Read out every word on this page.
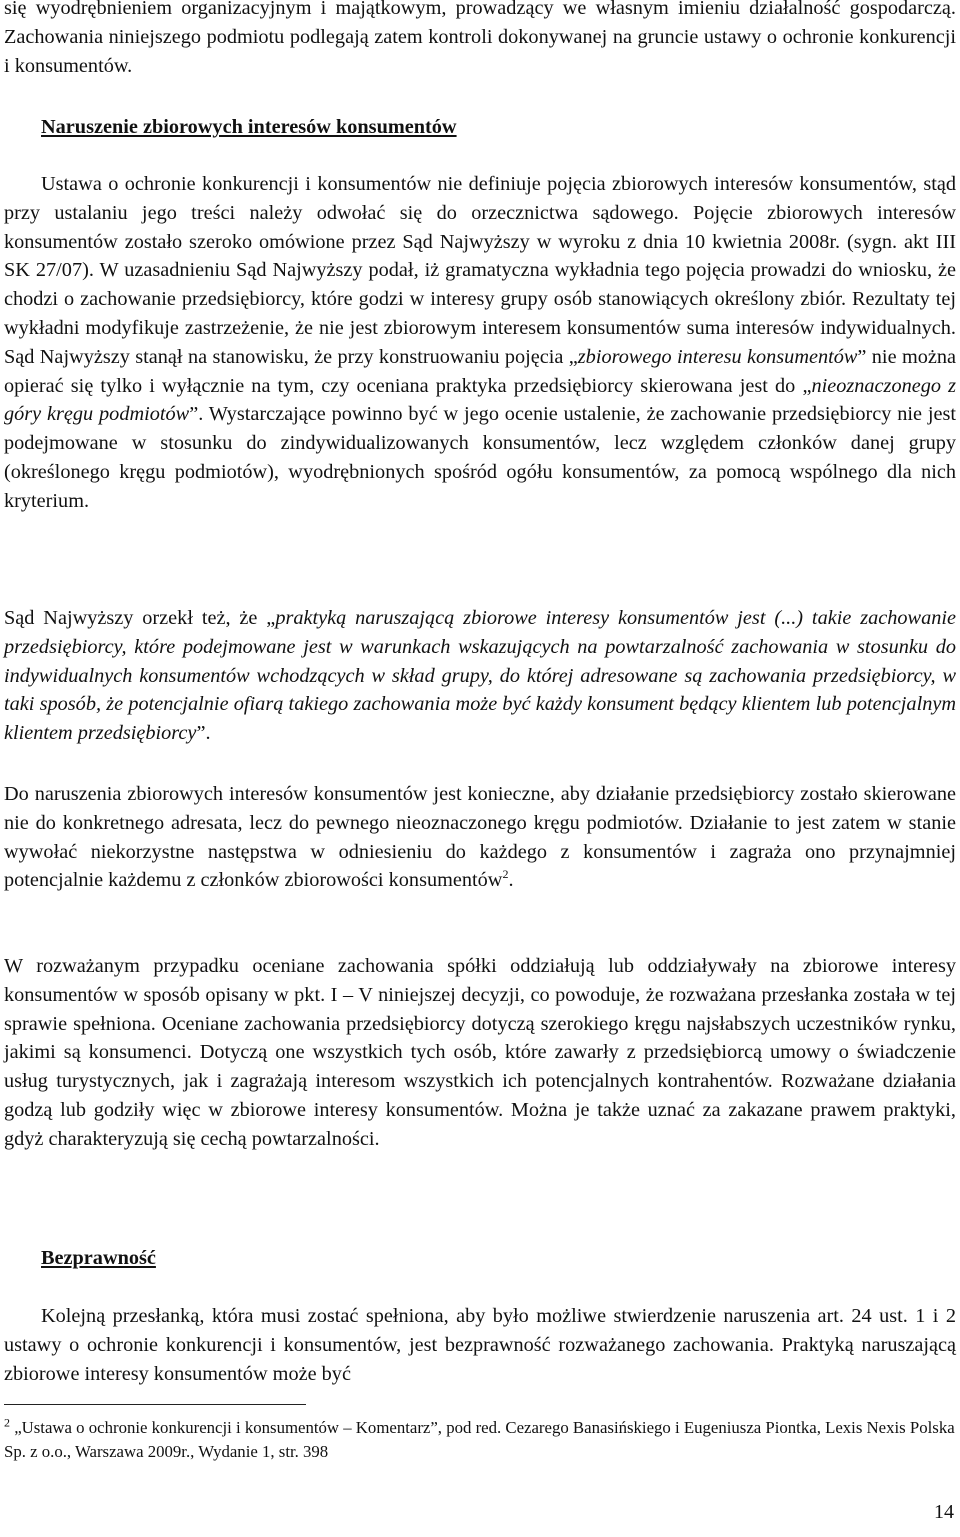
się wyodrębnieniem organizacyjnym i majątkowym, prowadzący we własnym imieniu działalność gospodarczą. Zachowania niniejszego podmiotu podlegają zatem kontroli dokonywanej na gruncie ustawy o ochronie konkurencji i konsumentów.

Naruszenie zbiorowych interesów konsumentów

Ustawa o ochronie konkurencji i konsumentów nie definiuje pojęcia zbiorowych interesów konsumentów, stąd przy ustalaniu jego treści należy odwołać się do orzecznictwa sądowego. Pojęcie zbiorowych interesów konsumentów zostało szeroko omówione przez Sąd Najwyższy w wyroku z dnia 10 kwietnia 2008r. (sygn. akt III SK 27/07). W uzasadnieniu Sąd Najwyższy podał, iż gramatyczna wykładnia tego pojęcia prowadzi do wniosku, że chodzi o zachowanie przedsiębiorcy, które godzi w interesy grupy osób stanowiących określony zbiór. Rezultaty tej wykładni modyfikuje zastrzeżenie, że nie jest zbiorowym interesem konsumentów suma interesów indywidualnych. Sąd Najwyższy stanął na stanowisku, że przy konstruowaniu pojęcia „zbiorowego interesu konsumentów” nie można opierać się tylko i wyłącznie na tym, czy oceniana praktyka przedsiębiorcy skierowana jest do „nieoznaczonego z góry kręgu podmiotów”. Wystarczające powinno być w jego ocenie ustalenie, że zachowanie przedsiębiorcy nie jest podejmowane w stosunku do zindywidualizowanych konsumentów, lecz względem członków danej grupy (określonego kręgu podmiotów), wyodrębnionych spośród ogółu konsumentów, za pomocą wspólnego dla nich kryterium.

Sąd Najwyższy orzekł też, że „praktyką naruszającą zbiorowe interesy konsumentów jest (...) takie zachowanie przedsiębiorcy, które podejmowane jest w warunkach wskazujących na powtarzalność zachowania w stosunku do indywidualnych konsumentów wchodzących w skład grupy, do której adresowane są zachowania przedsiębiorcy, w taki sposób, że potencjalnie ofiarą takiego zachowania może być każdy konsument będący klientem lub potencjalnym klientem przedsiębiorcy”.

Do naruszenia zbiorowych interesów konsumentów jest konieczne, aby działanie przedsiębiorcy zostało skierowane nie do konkretnego adresata, lecz do pewnego nieoznaczonego kręgu podmiotów. Działanie to jest zatem w stanie wywołać niekorzystne następstwa w odniesieniu do każdego z konsumentów i zagraża ono przynajmniej potencjalnie każdemu z członków zbiorowości konsumentów$^2$.

W rozważanym przypadku oceniane zachowania spółki oddziałują lub oddziaływały na zbiorowe interesy konsumentów w sposób opisany w pkt. I – V niniejszej decyzji, co powoduje, że rozważana przesłanka została w tej sprawie spełniona. Oceniane zachowania przedsiębiorcy dotyczą szerokiego kręgu najsłabszych uczestników rynku, jakimi są konsumenci. Dotyczą one wszystkich tych osób, które zawarły z przedsiębiorcą umowy o świadczenie usług turystycznych, jak i zagrażają interesom wszystkich ich potencjalnych kontrahentów. Rozważane działania godzą lub godziły więc w zbiorowe interesy konsumentów. Można je także uznać za zakazane prawem praktyki, gdyż charakteryzują się cechą powtarzalności.

Bezprawność

Kolejną przesłanką, która musi zostać spełniona, aby było możliwe stwierdzenie naruszenia art. 24 ust. 1 i 2 ustawy o ochronie konkurencji i konsumentów, jest bezprawność rozważanego zachowania. Praktyką naruszającą zbiorowe interesy konsumentów może być

$^2$ „Ustawa o ochronie konkurencji i konsumentów – Komentarz”, pod red. Cezarego Banasińskiego i Eugeniusza Piontka, Lexis Nexis Polska Sp. z o.o., Warszawa 2009r., Wydanie 1, str. 398

14
